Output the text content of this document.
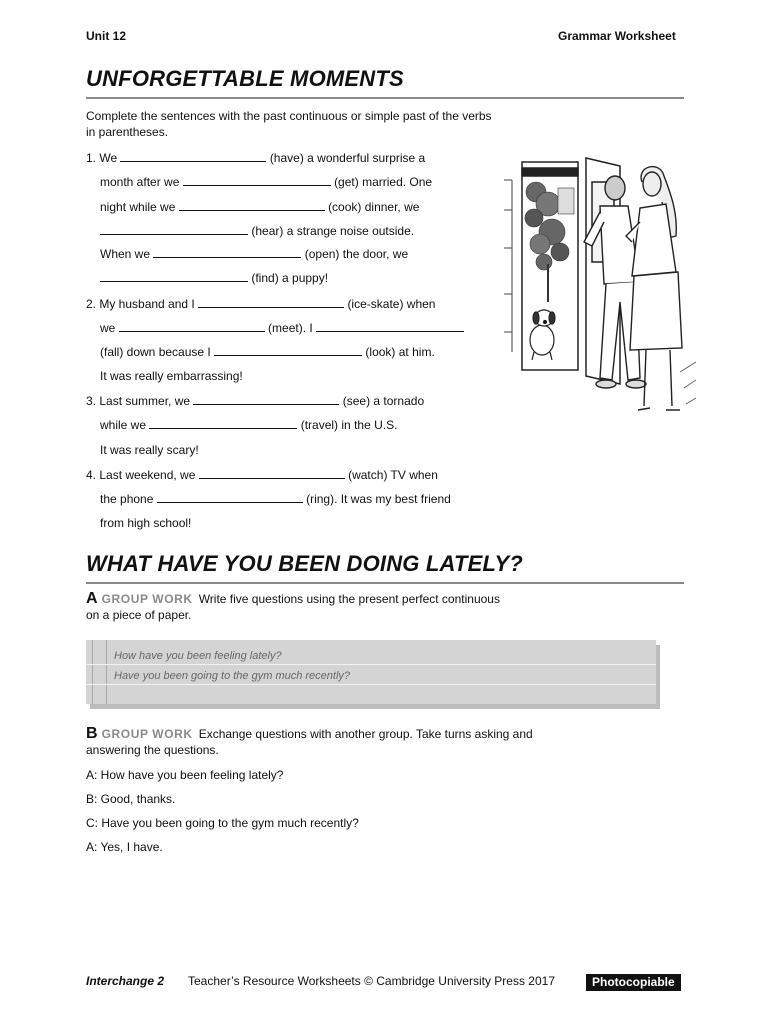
Unit 12	Grammar Worksheet
UNFORGETTABLE MOMENTS
Complete the sentences with the past continuous or simple past of the verbs
in parentheses.
1. We	(have) a wonderful surprise a
month after we	(get) married. One
night while we	(cook) dinner, we
(hear) a strange noise outside.
When we	(open) the door, we
(find) a puppy!
2. My husband and I	(ice-skate) when
we	(meet). I
(fall) down because I	(look) at him.
It was really embarrassing!
3. Last summer, we	(see) a tornado
while we	(travel) in the U.S.
It was really scary!
4. Last weekend, we	(watch) TV when
the phone	(ring). It was my best friend
from high school!
WHAT HAVE YOU BEEN DOING LATELY?
A GROUP WORK Write five questions using the present perfect continuous
on a piece of paper.
How have you been feeling lately?
Have you been going to the gym much recently?
B GROUP WORK Exchange questions with another group. Take turns asking and
answering the questions.
A: How have you been feeling lately?
B: Good, thanks.
C: Have you been going to the gym much recently?
A: Yes, I have.
Interchange 2 Teacher’s Resource Worksheets © Cambridge University Press 2017	Photocopiable
